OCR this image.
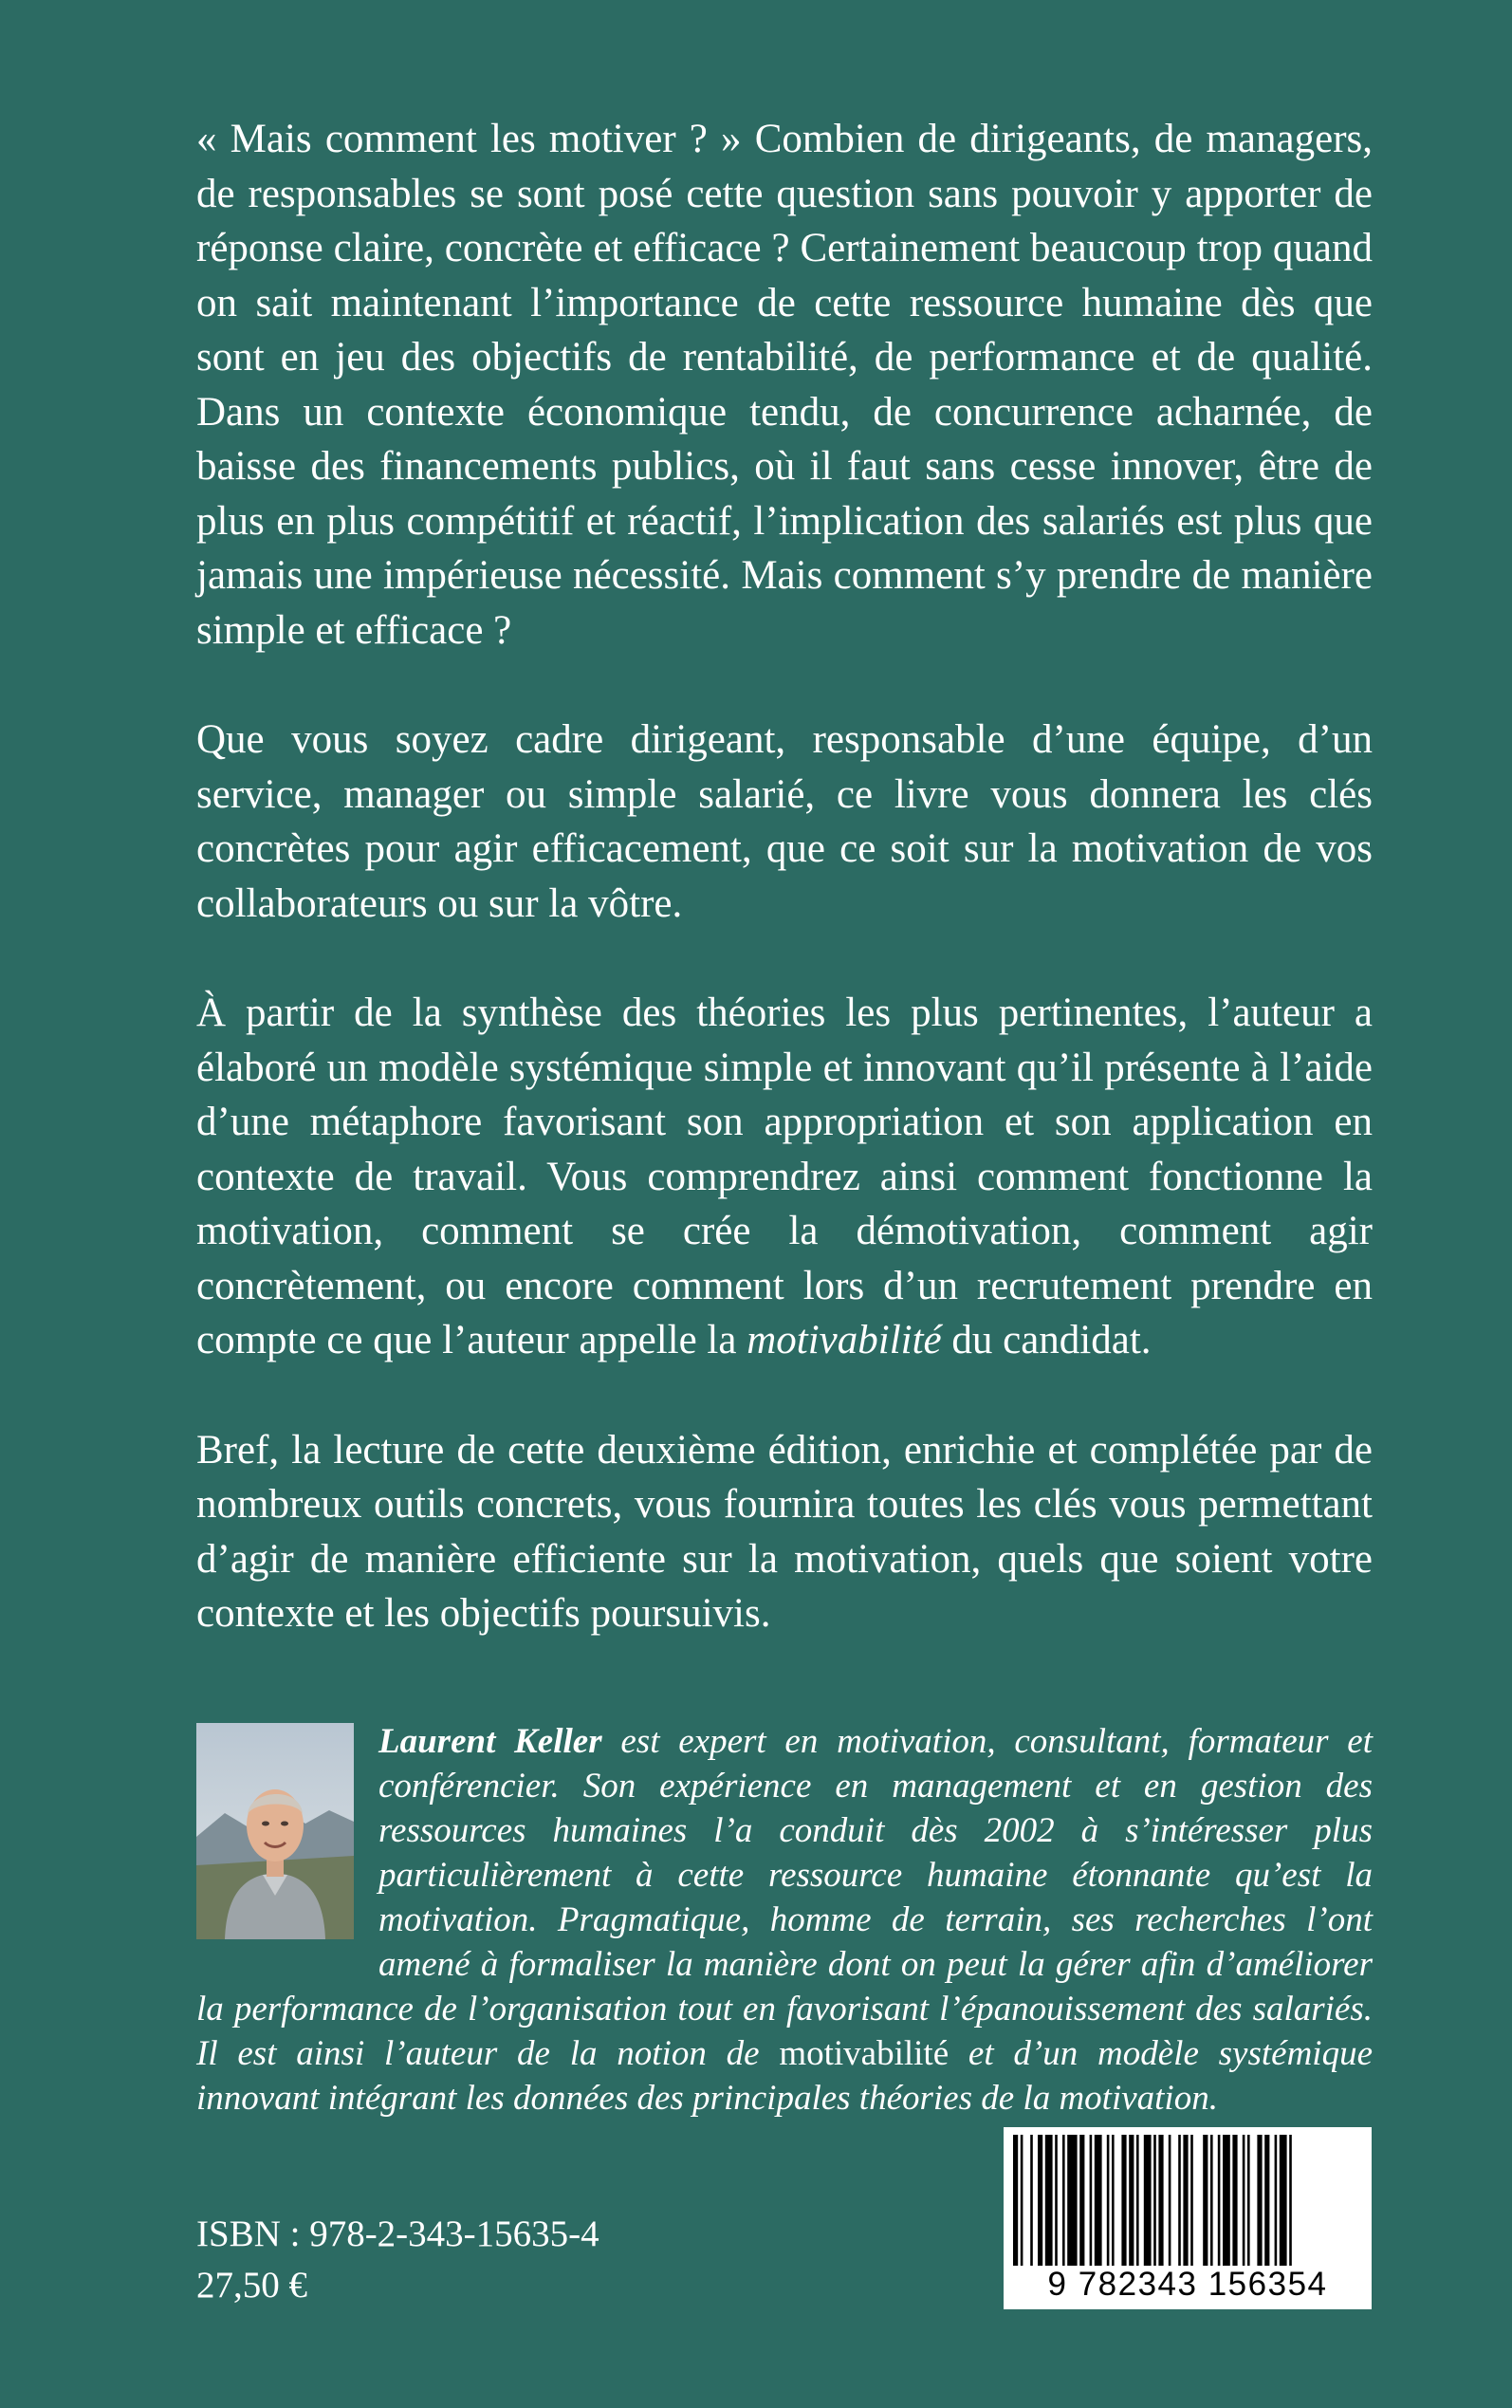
« Mais comment les motiver ? » Combien de dirigeants, de managers, de responsables se sont posé cette question sans pouvoir y apporter de réponse claire, concrète et efficace ? Certainement beaucoup trop quand on sait maintenant l’importance de cette ressource humaine dès que sont en jeu des objectifs de rentabilité, de performance et de qualité. Dans un contexte économique tendu, de concurrence acharnée, de baisse des financements publics, où il faut sans cesse innover, être de plus en plus compétitif et réactif, l’implication des salariés est plus que jamais une impérieuse nécessité. Mais comment s’y prendre de manière simple et efficace ?

Que vous soyez cadre dirigeant, responsable d’une équipe, d’un service, manager ou simple salarié, ce livre vous donnera les clés concrètes pour agir efficacement, que ce soit sur la motivation de vos collaborateurs ou sur la vôtre.

À partir de la synthèse des théories les plus pertinentes, l’auteur a élaboré un modèle systémique simple et innovant qu’il présente à l’aide d’une métaphore favorisant son appropriation et son application en contexte de travail. Vous comprendrez ainsi comment fonctionne la motivation, comment se crée la démotivation, comment agir concrètement, ou encore comment lors d’un recrutement prendre en compte ce que l’auteur appelle la motivabilité du candidat.

Bref, la lecture de cette deuxième édition, enrichie et complétée par de nombreux outils concrets, vous fournira toutes les clés vous permettant d’agir de manière efficiente sur la motivation, quels que soient votre contexte et les objectifs poursuivis.

Laurent Keller est expert en motivation, consultant, formateur et conférencier. Son expérience en management et en gestion des ressources humaines l’a conduit dès 2002 à s’intéresser plus particulièrement à cette ressource humaine étonnante qu’est la motivation. Pragmatique, homme de terrain, ses recherches l’ont amené à formaliser la manière dont on peut la gérer afin d’améliorer la performance de l’organisation tout en favorisant l’épanouissement des salariés. Il est ainsi l’auteur de la notion de motivabilité et d’un modèle systémique innovant intégrant les données des principales théories de la motivation.
ISBN : 978-2-343-15635-4
27,50 €	9 782343 156354
